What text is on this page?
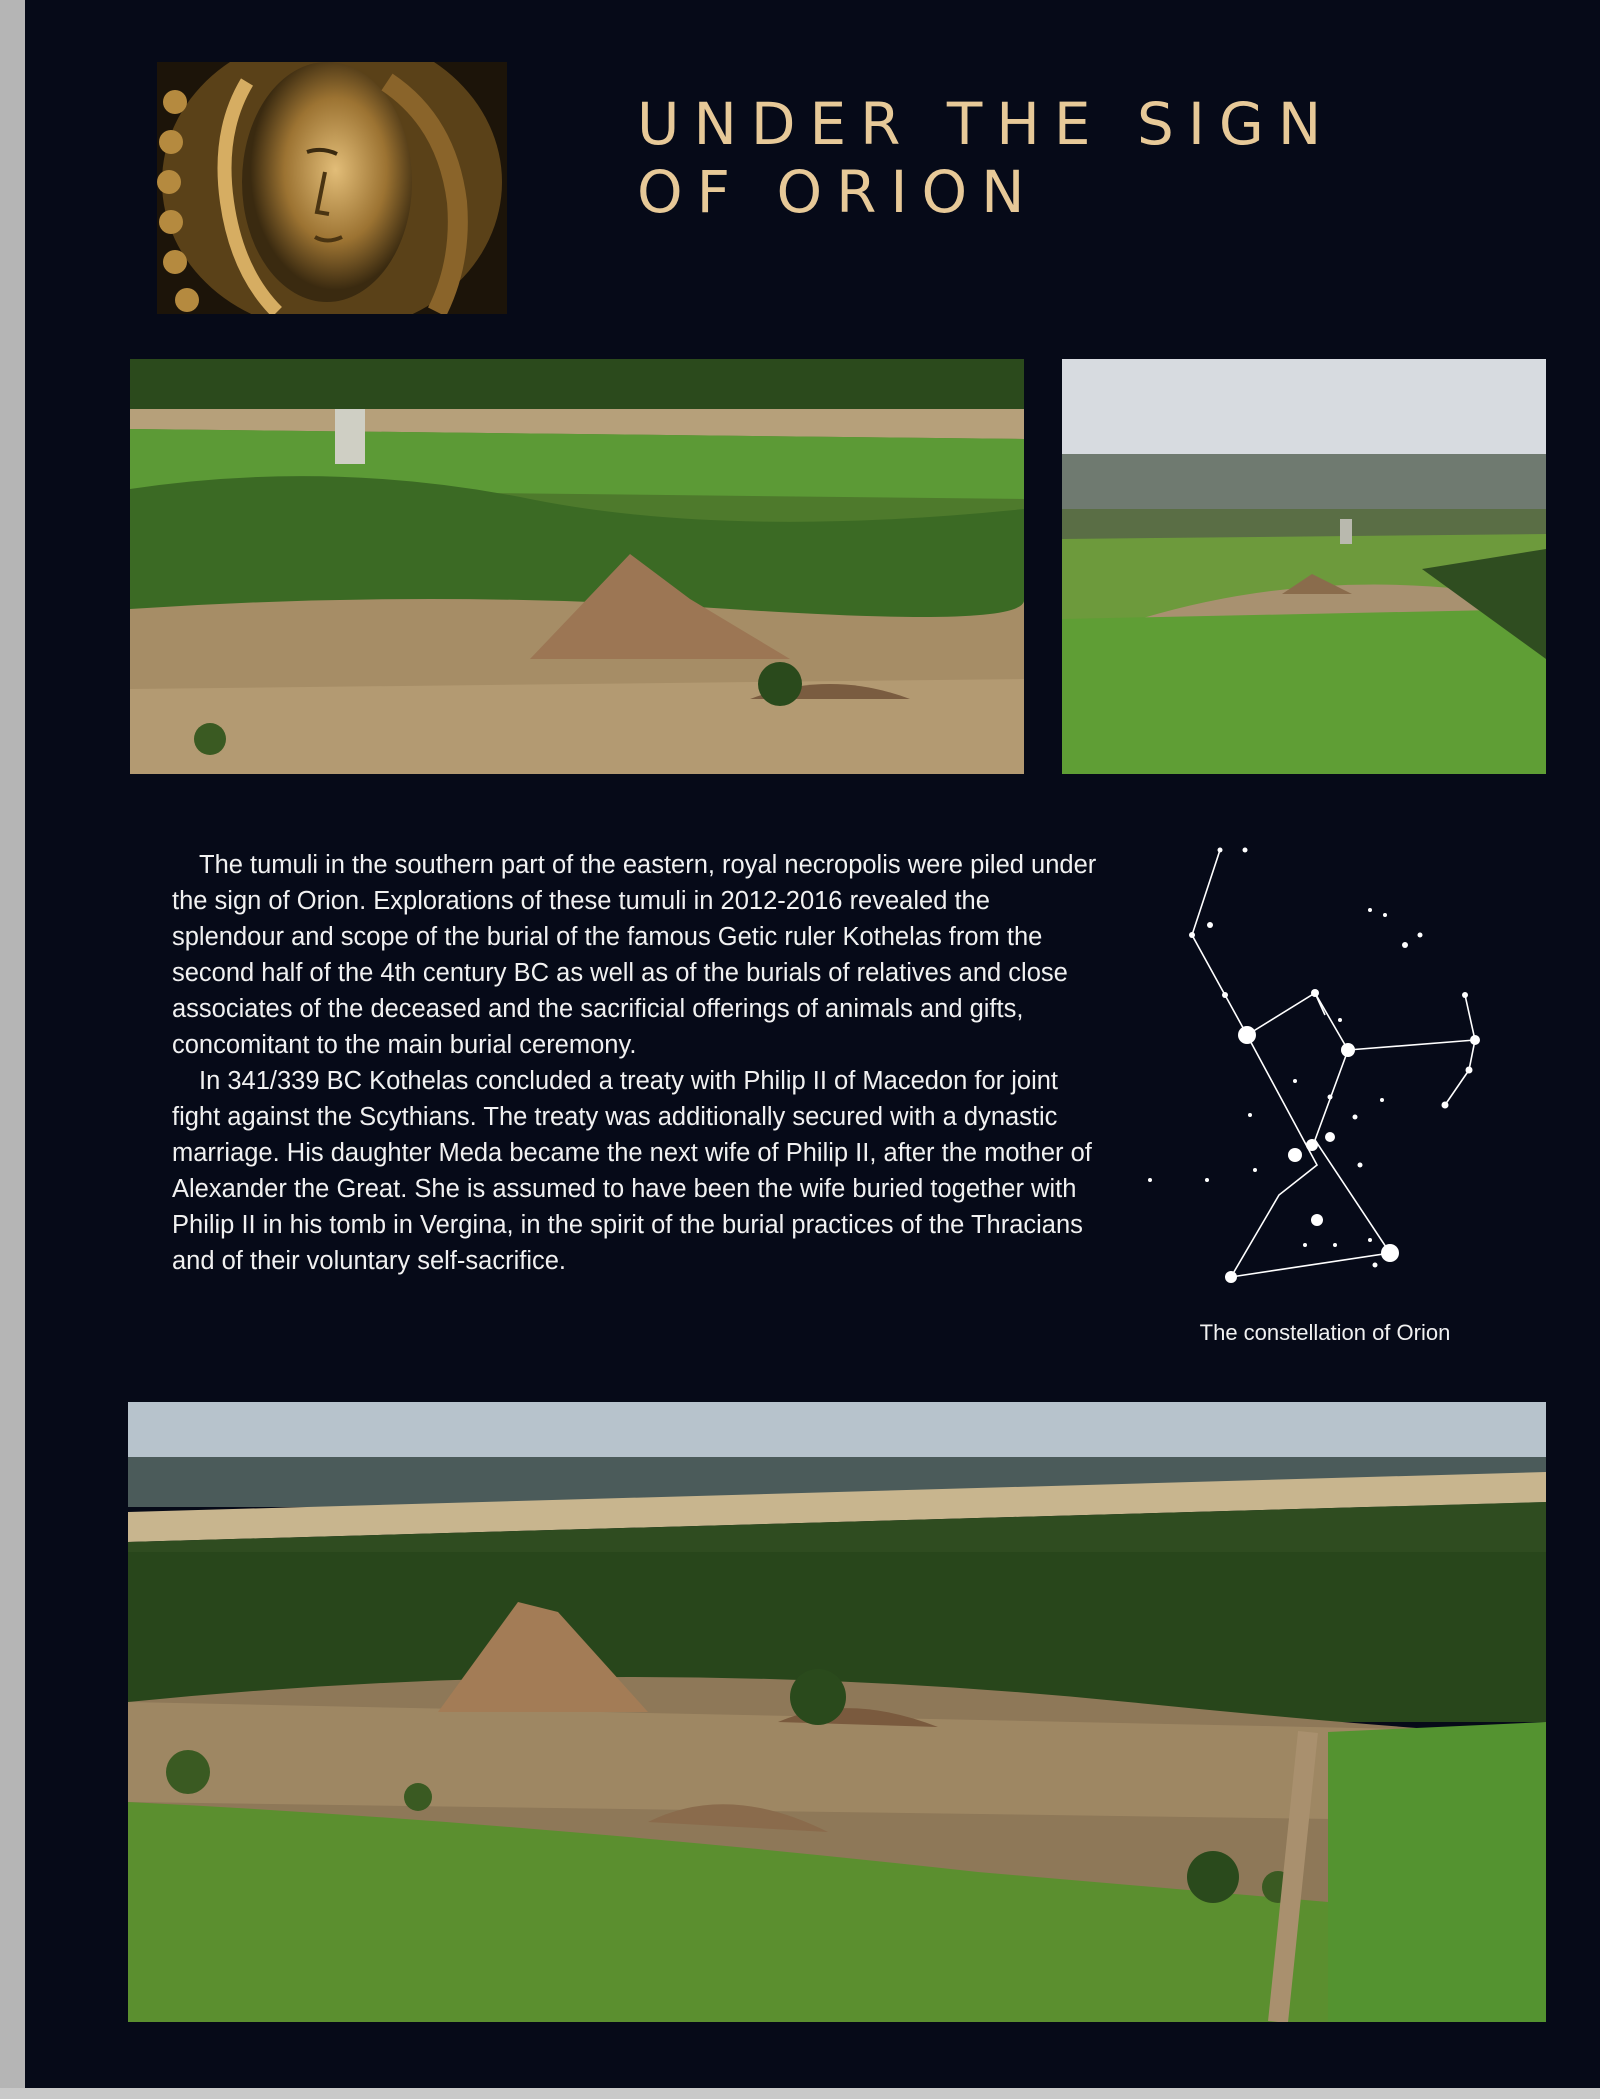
UNDER THE SIGN
OF ORION

The tumuli in the southern part of the eastern, royal necropolis were piled under the sign of Orion. Explorations of these tumuli in 2012-2016 revealed the splendour and scope of the burial of the famous Getic ruler Kothelas from the second half of the 4th century BC as well as of the burials of relatives and close associates of the deceased and the sacrificial offerings of animals and gifts, concomitant to the main burial ceremony.

In 341/339 BC Kothelas concluded a treaty with Philip II of Macedon for joint fight against the Scythians. The treaty was additionally secured with a dynastic marriage. His daughter Meda became the next wife of Philip II, after the mother of Alexander the Great. She is assumed to have been the wife buried together with Philip II in his tomb in Vergina, in the spirit of the burial practices of the Thracians and of their voluntary self-sacrifice.

The constellation of Orion
